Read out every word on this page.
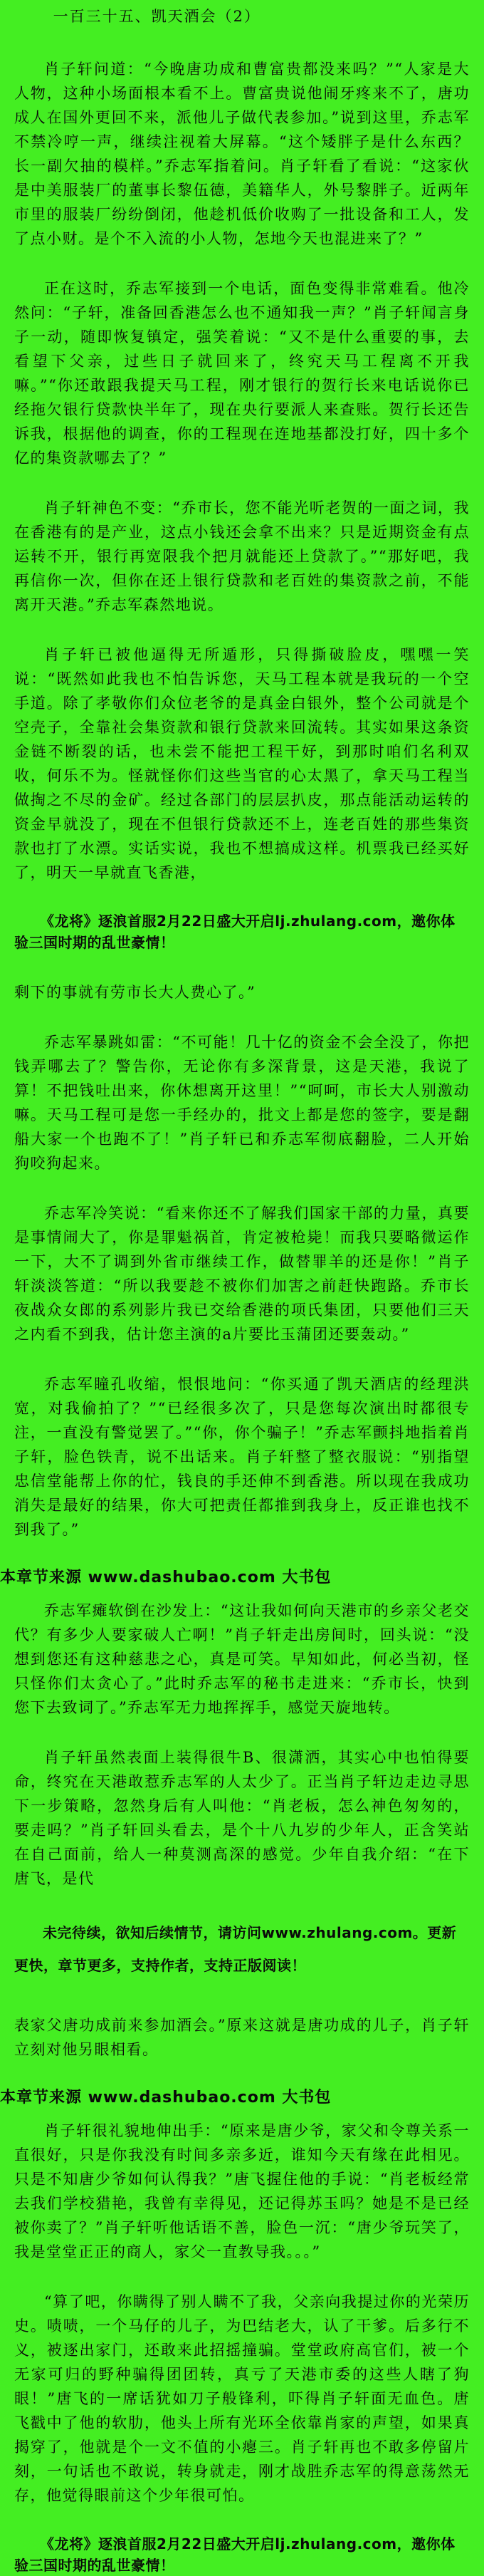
一百三十五、凯天酒会（2）
肖子轩问道：“今晚唐功成和曹富贵都没来吗？”“人家是大人物，这种小场面根本看不上。曹富贵说他闹牙疼来不了，唐功成人在国外更回不来，派他儿子做代表参加。”说到这里，乔志军不禁冷哼一声，继续注视着大屏幕。“这个矮胖子是什么东西？长一副欠抽的模样。”乔志军指着问。肖子轩看了看说：“这家伙是中美服装厂的董事长黎伍德，美籍华人，外号黎胖子。近两年市里的服装厂纷纷倒闭，他趁机低价收购了一批设备和工人，发了点小财。是个不入流的小人物，怎地今天也混进来了？”
正在这时，乔志军接到一个电话，面色变得非常难看。他冷然问：“子轩，准备回香港怎么也不通知我一声？”肖子轩闻言身子一动，随即恢复镇定，强笑着说：“又不是什么重要的事，去看望下父亲，过些日子就回来了，终究天马工程离不开我嘛。”“你还敢跟我提天马工程，刚才银行的贺行长来电话说你已经拖欠银行贷款快半年了，现在央行要派人来查账。贺行长还告诉我，根据他的调查，你的工程现在连地基都没打好，四十多个亿的集资款哪去了？”
肖子轩神色不变：“乔市长，您不能光听老贺的一面之词，我在香港有的是产业，这点小钱还会拿不出来？只是近期资金有点运转不开，银行再宽限我个把月就能还上贷款了。”“那好吧，我再信你一次，但你在还上银行贷款和老百姓的集资款之前，不能离开天港。”乔志军森然地说。
肖子轩已被他逼得无所遁形，只得撕破脸皮，嘿嘿一笑说：“既然如此我也不怕告诉您，天马工程本就是我玩的一个空手道。除了孝敬你们众位老爷的是真金白银外，整个公司就是个空壳子，全靠社会集资款和银行贷款来回流转。其实如果这条资金链不断裂的话，也未尝不能把工程干好，到那时咱们名利双收，何乐不为。怪就怪你们这些当官的心太黑了，拿天马工程当做掏之不尽的金矿。经过各部门的层层扒皮，那点能活动运转的资金早就没了，现在不但银行贷款还不上，连老百姓的那些集资款也打了水漂。实话实说，我也不想搞成这样。机票我已经买好了，明天一早就直飞香港，
《龙将》逐浪首服2月22日盛大开启lj.zhulang.com，邀你体验三国时期的乱世豪情！
剩下的事就有劳市长大人费心了。”
乔志军暴跳如雷：“不可能！几十亿的资金不会全没了，你把钱弄哪去了？警告你，无论你有多深背景，这是天港，我说了算！不把钱吐出来，你休想离开这里！”“呵呵，市长大人别激动嘛。天马工程可是您一手经办的，批文上都是您的签字，要是翻船大家一个也跑不了！”肖子轩已和乔志军彻底翻脸，二人开始狗咬狗起来。
乔志军冷笑说：“看来你还不了解我们国家干部的力量，真要是事情闹大了，你是罪魁祸首，肯定被枪毙！而我只要略微运作一下，大不了调到外省市继续工作，做替罪羊的还是你！”肖子轩淡淡答道：“所以我要趁不被你们加害之前赶快跑路。乔市长夜战众女郎的系列影片我已交给香港的项氏集团，只要他们三天之内看不到我，估计您主演的a片要比玉蒲团还要轰动。”
乔志军瞳孔收缩，恨恨地问：“你买通了凯天酒店的经理洪宽，对我偷拍了？”“已经很多次了，只是您每次演出时都很专注，一直没有警觉罢了。”“你，你个骗子！”乔志军颤抖地指着肖子轩，脸色铁青，说不出话来。肖子轩整了整衣服说：“别指望忠信堂能帮上你的忙，钱良的手还伸不到香港。所以现在我成功消失是最好的结果，你大可把责任都推到我身上，反正谁也找不到我了。”
本章节来源 www.dashubao.com 大书包
乔志军瘫软倒在沙发上：“这让我如何向天港市的乡亲父老交代？有多少人要家破人亡啊！”肖子轩走出房间时，回头说：“没想到您还有这种慈悲之心，真是可笑。早知如此，何必当初，怪只怪你们太贪心了。”此时乔志军的秘书走进来：“乔市长，快到您下去致词了。”乔志军无力地挥挥手，感觉天旋地转。
肖子轩虽然表面上装得很牛B、很潇洒，其实心中也怕得要命，终究在天港敢惹乔志军的人太少了。正当肖子轩边走边寻思下一步策略，忽然身后有人叫他：“肖老板，怎么神色匆匆的，要走吗？”肖子轩回头看去，是个十八九岁的少年人，正含笑站在自己面前，给人一种莫测高深的感觉。少年自我介绍：“在下唐飞，是代
未完待续，欲知后续情节，请访问www.zhulang.com。更新更快，章节更多，支持作者，支持正版阅读！
表家父唐功成前来参加酒会。”原来这就是唐功成的儿子，肖子轩立刻对他另眼相看。
本章节来源 www.dashubao.com 大书包
肖子轩很礼貌地伸出手：“原来是唐少爷，家父和令尊关系一直很好，只是你我没有时间多亲多近，谁知今天有缘在此相见。只是不知唐少爷如何认得我？”唐飞握住他的手说：“肖老板经常去我们学校猎艳，我曾有幸得见，还记得苏玉吗？她是不是已经被你卖了？”肖子轩听他话语不善，脸色一沉：“唐少爷玩笑了，我是堂堂正正的商人，家父一直教导我。。。”
“算了吧，你瞒得了别人瞒不了我，父亲向我提过你的光荣历史。啧啧，一个马仔的儿子，为巴结老大，认了干爹。后多行不义，被逐出家门，还敢来此招摇撞骗。堂堂政府高官们，被一个无家可归的野种骗得团团转，真亏了天港市委的这些人瞎了狗眼！”唐飞的一席话犹如刀子般锋利，吓得肖子轩面无血色。唐飞戳中了他的软肋，他头上所有光环全依靠肖家的声望，如果真揭穿了，他就是个一文不值的小瘪三。肖子轩再也不敢多停留片刻，一句话也不敢说，转身就走，刚才战胜乔志军的得意荡然无存，他觉得眼前这个少年很可怕。
《龙将》逐浪首服2月22日盛大开启lj.zhulang.com，邀你体验三国时期的乱世豪情！
